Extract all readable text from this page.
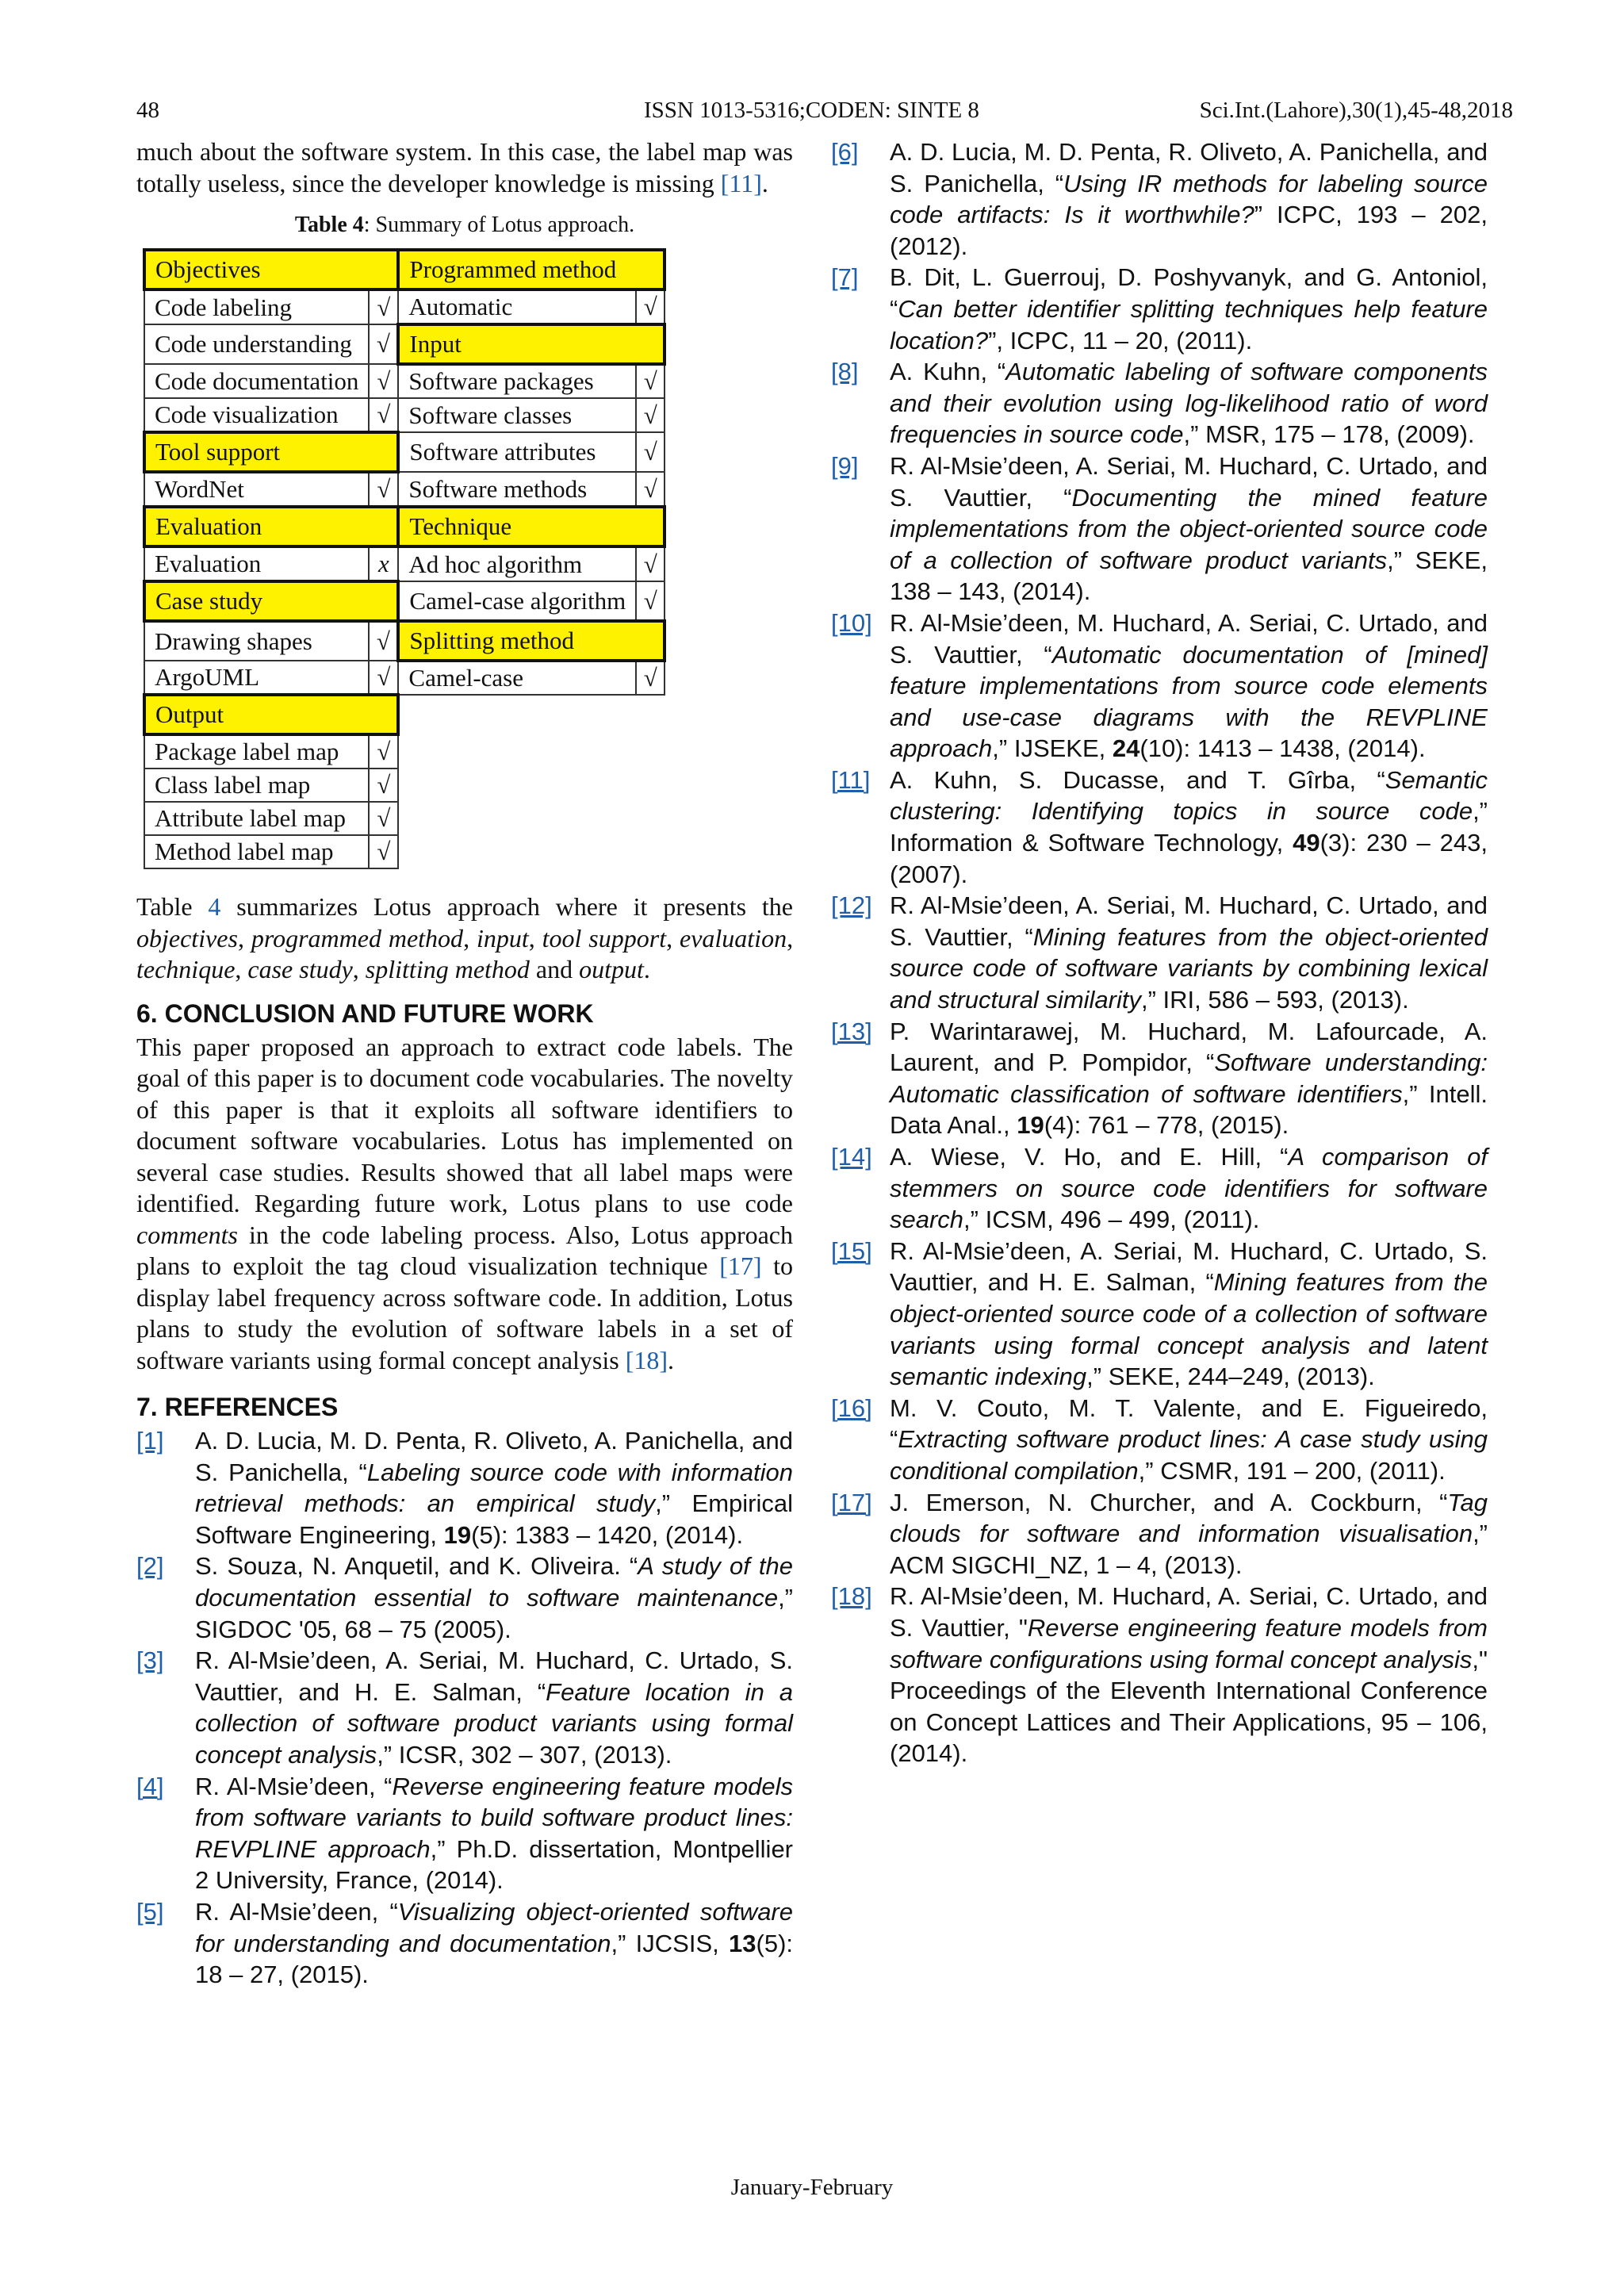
48	ISSN 1013-5316;CODEN: SINTE 8	Sci.Int.(Lahore),30(1),45-48,2018

much about the software system. In this case, the label map was totally useless, since the developer knowledge is missing [11].

Table 4: Summary of Lotus approach.
Objectives		Programmed method	
Code labeling	√	Automatic	√
Code understanding	√	Input	
Code documentation	√	Software packages	√
Code visualization	√	Software classes	√
Tool support		Software attributes	√
WordNet	√	Software methods	√
Evaluation		Technique	
Evaluation	x	Ad hoc algorithm	√
Case study		Camel-case algorithm	√
Drawing shapes	√	Splitting method	
ArgoUML	√	Camel-case	√
Output			
Package label map	√		
Class label map	√		
Attribute label map	√		
Method label map	√		

Table 4 summarizes Lotus approach where it presents the objectives, programmed method, input, tool support, evaluation, technique, case study, splitting method and output.

6. CONCLUSION AND FUTURE WORK

This paper proposed an approach to extract code labels. The goal of this paper is to document code vocabularies. The novelty of this paper is that it exploits all software identifiers to document software vocabularies. Lotus has implemented on several case studies. Results showed that all label maps were identified. Regarding future work, Lotus plans to use code comments in the code labeling process. Also, Lotus approach plans to exploit the tag cloud visualization technique [17] to display label frequency across software code. In addition, Lotus plans to study the evolution of software labels in a set of software variants using formal concept analysis [18].

7. REFERENCES
[1]	A. D. Lucia, M. D. Penta, R. Oliveto, A. Panichella, and S. Panichella, “Labeling source code with information retrieval methods: an empirical study,” Empirical Software Engineering, 19(5): 1383 – 1420, (2014).
[2]	S. Souza, N. Anquetil, and K. Oliveira. “A study of the documentation essential to software maintenance,” SIGDOC '05, 68 – 75 (2005).
[3]	R. Al-Msie’deen, A. Seriai, M. Huchard, C. Urtado, S. Vauttier, and H. E. Salman, “Feature location in a collection of software product variants using formal concept analysis,” ICSR, 302 – 307, (2013).
[4]	R. Al-Msie’deen, “Reverse engineering feature models from software variants to build software product lines: REVPLINE approach,” Ph.D. dissertation, Montpellier 2 University, France, (2014).
[5]	R. Al-Msie’deen, “Visualizing object-oriented software for understanding and documentation,” IJCSIS, 13(5): 18 – 27, (2015).
[6]	A. D. Lucia, M. D. Penta, R. Oliveto, A. Panichella, and S. Panichella, “Using IR methods for labeling source code artifacts: Is it worthwhile?” ICPC, 193 – 202, (2012).
[7]	B. Dit, L. Guerrouj, D. Poshyvanyk, and G. Antoniol, “Can better identifier splitting techniques help feature location?”, ICPC, 11 – 20, (2011).
[8]	A. Kuhn, “Automatic labeling of software components and their evolution using log-likelihood ratio of word frequencies in source code,” MSR, 175 – 178, (2009).
[9]	R. Al-Msie’deen, A. Seriai, M. Huchard, C. Urtado, and S. Vauttier, “Documenting the mined feature implementations from the object-oriented source code of a collection of software product variants,” SEKE, 138 – 143, (2014).
[10] R. Al-Msie’deen, M. Huchard, A. Seriai, C. Urtado, and S. Vauttier, “Automatic documentation of [mined] feature implementations from source code elements and use-case diagrams with the REVPLINE approach,” IJSEKE, 24(10): 1413 – 1438, (2014).
[11] A. Kuhn, S. Ducasse, and T. Gîrba, “Semantic clustering: Identifying topics in source code,” Information & Software Technology, 49(3): 230 – 243, (2007).
[12] R. Al-Msie’deen, A. Seriai, M. Huchard, C. Urtado, and S. Vauttier, “Mining features from the object-oriented source code of software variants by combining lexical and structural similarity,” IRI, 586 – 593, (2013).
[13] P. Warintarawej, M. Huchard, M. Lafourcade, A. Laurent, and P. Pompidor, “Software understanding: Automatic classification of software identifiers,” Intell. Data Anal., 19(4): 761 – 778, (2015).
[14] A. Wiese, V. Ho, and E. Hill, “A comparison of stemmers on source code identifiers for software search,” ICSM, 496 – 499, (2011).
[15] R. Al-Msie’deen, A. Seriai, M. Huchard, C. Urtado, S. Vauttier, and H. E. Salman, “Mining features from the object-oriented source code of a collection of software variants using formal concept analysis and latent semantic indexing,” SEKE, 244–249, (2013).
[16] M. V. Couto, M. T. Valente, and E. Figueiredo, “Extracting software product lines: A case study using conditional compilation,” CSMR, 191 – 200, (2011).
[17] J. Emerson, N. Churcher, and A. Cockburn, “Tag clouds for software and information visualisation,” ACM SIGCHI_NZ, 1 – 4, (2013).
[18] R. Al-Msie’deen, M. Huchard, A. Seriai, C. Urtado, and S. Vauttier, "Reverse engineering feature models from software configurations using formal concept analysis," Proceedings of the Eleventh International Conference on Concept Lattices and Their Applications, 95 – 106, (2014).
January-February
